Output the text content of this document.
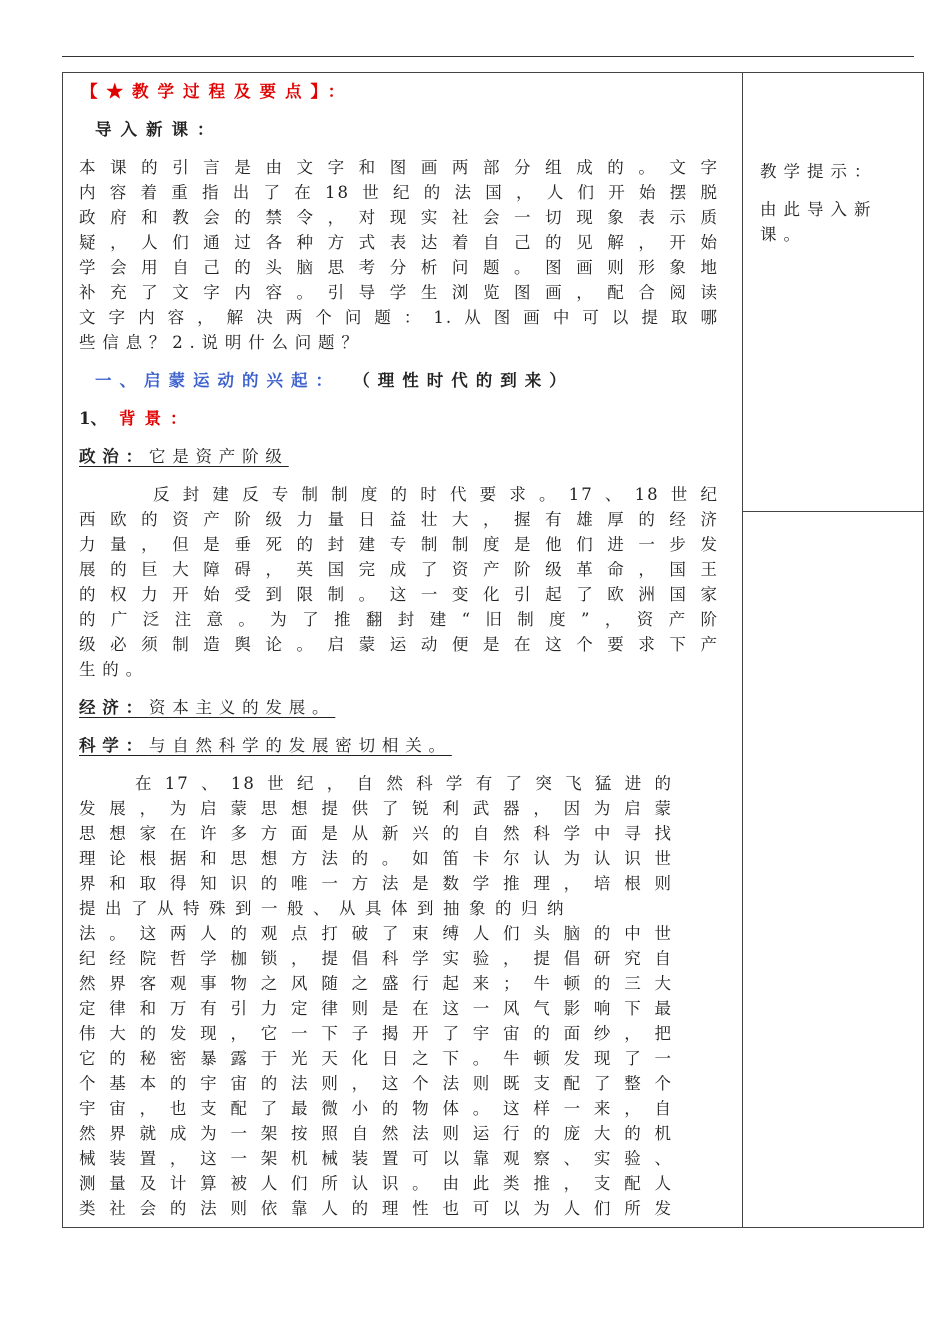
【★教学过程及要点】：
导入新课：
本课的引言是由文字和图画两部分组成的。文字
内容着重指出了在18世纪的法国，人们开始摆脱
政府和教会的禁令，对现实社会一切现象表示质
疑，人们通过各种方式表达着自己的见解，开始
学会用自己的头脑思考分析问题。图画则形象地
补充了文字内容。引导学生浏览图画，配合阅读
文字内容，解决两个问题：1.从图画中可以提取哪
些信息？2.说明什么问题？
一、启蒙运动的兴起： （理性时代的到来）
1、 背景：
政治：它是资产阶级
反封建反专制制度的时代要求。17、18世纪
西欧的资产阶级力量日益壮大，握有雄厚的经济
力量，但是垂死的封建专制制度是他们进一步发
展的巨大障碍，英国完成了资产阶级革命，国王
的权力开始受到限制。这一变化引起了欧洲国家
的广泛注意。为了推翻封建“旧制度”，资产阶
级必须制造舆论。启蒙运动便是在这个要求下产
生的。
经济：资本主义的发展。
科学：与自然科学的发展密切相关。
在17、18世纪，自然科学有了突飞猛进的
发展，为启蒙思想提供了锐利武器，因为启蒙
思想家在许多方面是从新兴的自然科学中寻找
理论根据和思想方法的。如笛卡尔认为认识世
界和取得知识的唯一方法是数学推理，培根则
提出了从特殊到一般、从具体到抽象的归纳
法。这两人的观点打破了束缚人们头脑的中世
纪经院哲学枷锁，提倡科学实验，提倡研究自
然界客观事物之风随之盛行起来；牛顿的三大
定律和万有引力定律则是在这一风气影响下最
伟大的发现，它一下子揭开了宇宙的面纱，把
它的秘密暴露于光天化日之下。牛顿发现了一
个基本的宇宙的法则，这个法则既支配了整个
宇宙，也支配了最微小的物体。这样一来，自
然界就成为一架按照自然法则运行的庞大的机
械装置，这一架机械装置可以靠观察、实验、
测量及计算被人们所认识。由此类推，支配人
类社会的法则依靠人的理性也可以为人们所发
教学提示：
由此导入新
课。
